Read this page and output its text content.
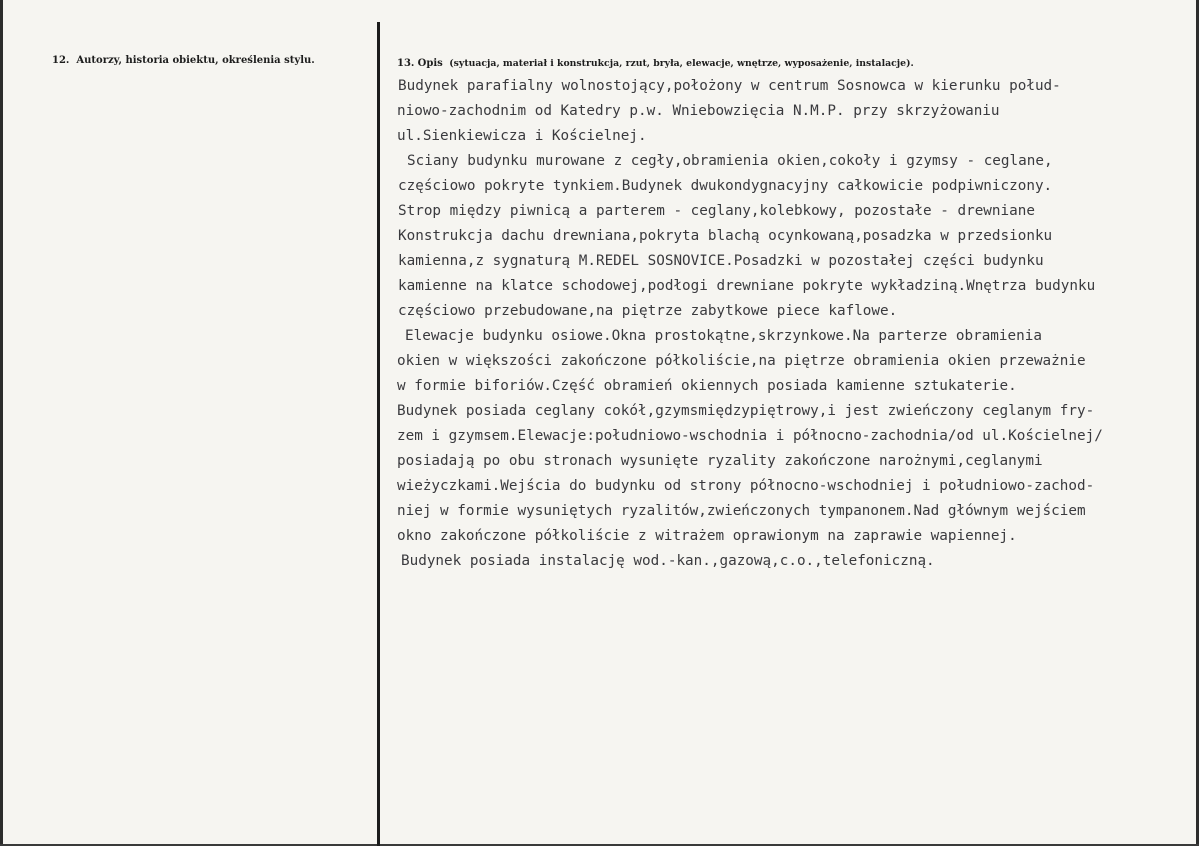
12. Autorzy, historia obiektu, określenia stylu.	13. Opis (sytuacja, materiał i konstrukcja, rzut, bryła, elewacje, wnętrze, wyposażenie, instalacje).
Budynek parafialny wolnostojący,położony w centrum Sosnowca w kierunku połud-
niowo-zachodnim od Katedry p.w. Wniebowzięcia N.M.P. przy skrzyżowaniu
ul.Sienkiewicza i Kościelnej.
Sciany budynku murowane z cegły,obramienia okien,cokoły i gzymsy - ceglane,
częściowo pokryte tynkiem.Budynek dwukondygnacyjny całkowicie podpiwniczony.
Strop między piwnicą a parterem - ceglany,kolebkowy, pozostałe - drewniane
Konstrukcja dachu drewniana,pokryta blachą ocynkowaną,posadzka w przedsionku
kamienna,z sygnaturą M.REDEL SOSNOVICE.Posadzki w pozostałej części budynku
kamienne na klatce schodowej,podłogi drewniane pokryte wykładziną.Wnętrza budynku
częściowo przebudowane,na piętrze zabytkowe piece kaflowe.
Elewacje budynku osiowe.Okna prostokątne,skrzynkowe.Na parterze obramienia
okien w większości zakończone półkoliście,na piętrze obramienia okien przeważnie
w formie biforiów.Część obramień okiennych posiada kamienne sztukaterie.
Budynek posiada ceglany cokół,gzymsmiędzypiętrowy,i jest zwieńczony ceglanym fry-
zem i gzymsem.Elewacje:południowo-wschodnia i północno-zachodnia/od ul.Kościelnej/
posiadają po obu stronach wysunięte ryzality zakończone narożnymi,ceglanymi
wieżyczkami.Wejścia do budynku od strony północno-wschodniej i południowo-zachod-
niej w formie wysuniętych ryzalitów,zwieńczonych tympanonem.Nad głównym wejściem
okno zakończone półkoliście z witrażem oprawionym na zaprawie wapiennej.
Budynek posiada instalację wod.-kan.,gazową,c.o.,telefoniczną.
